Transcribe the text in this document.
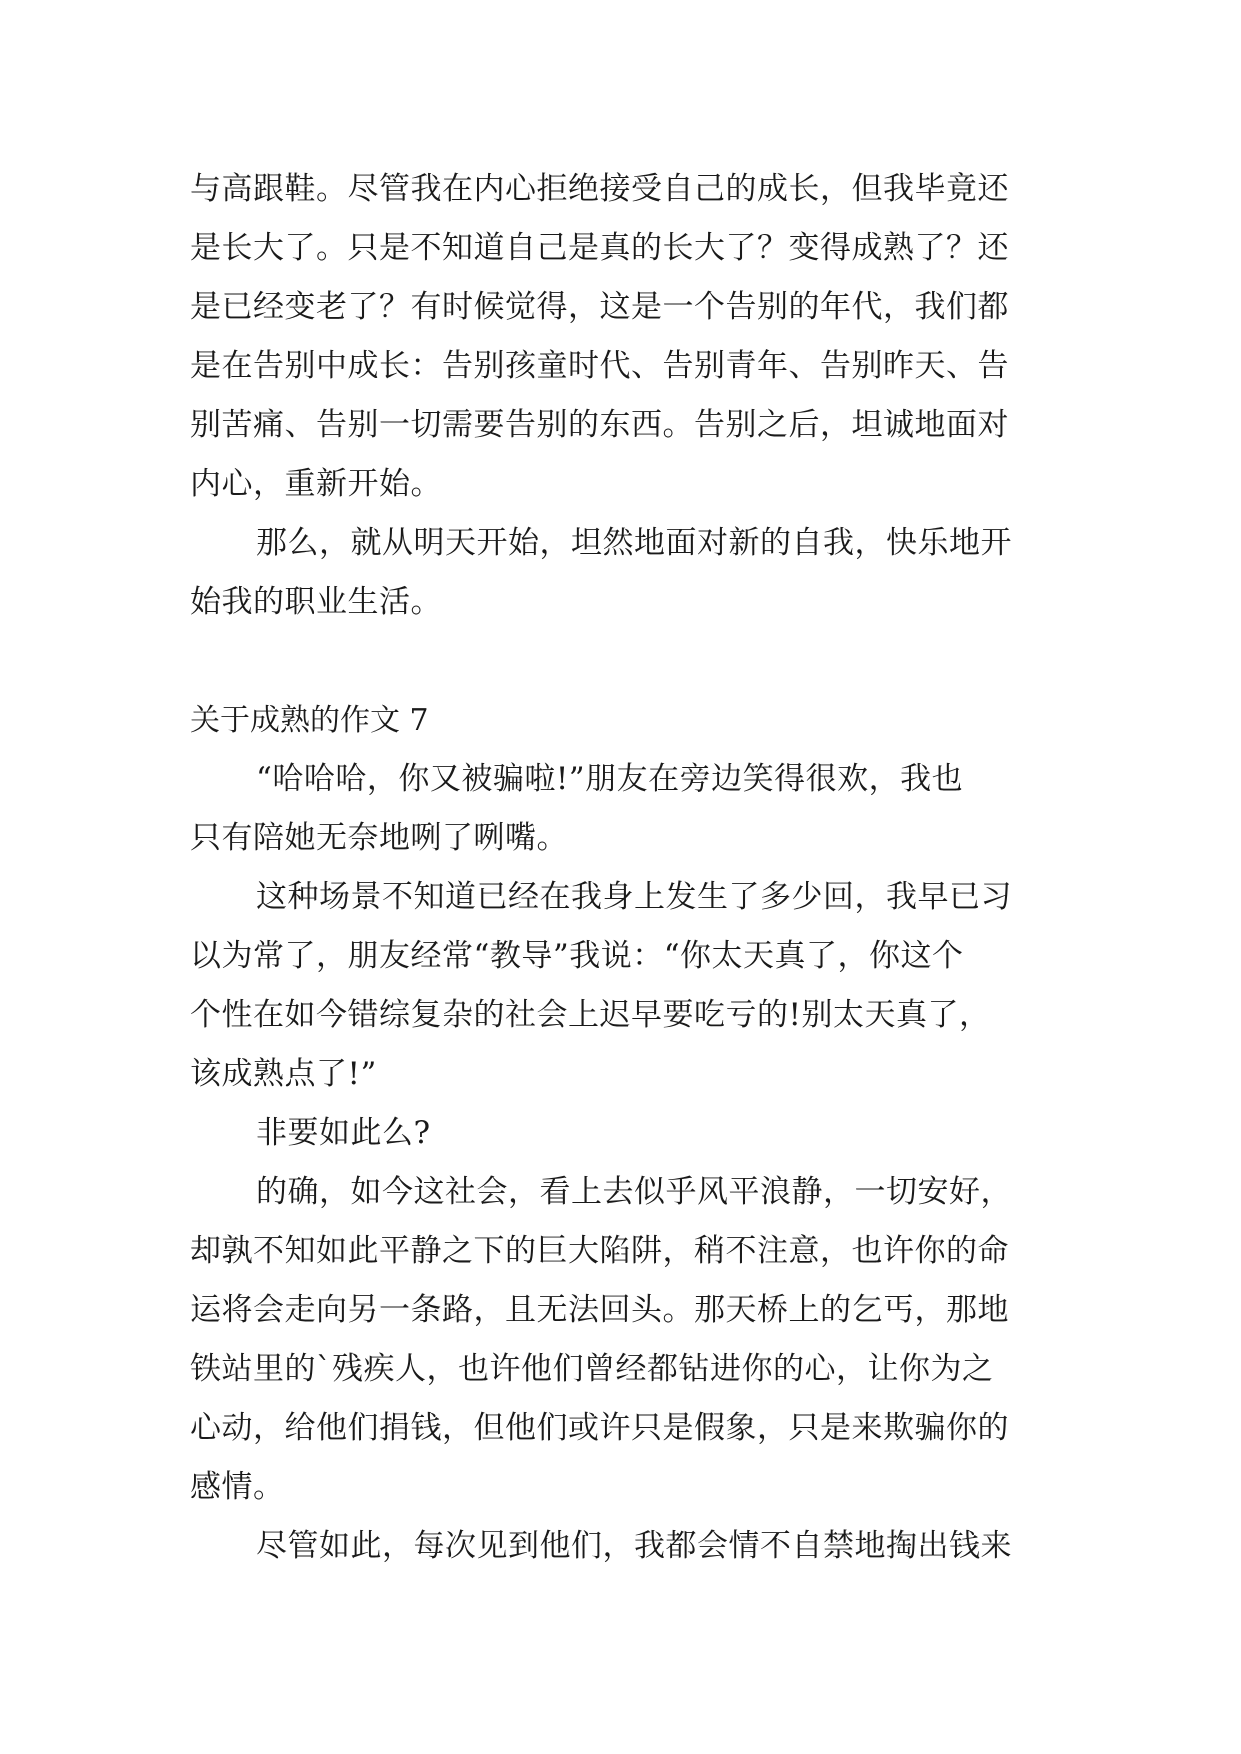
与高跟鞋。尽管我在内心拒绝接受自己的成长，但我毕竟还
是长大了。只是不知道自己是真的长大了？变得成熟了？还
是已经变老了？有时候觉得，这是一个告别的年代，我们都
是在告别中成长：告别孩童时代、告别青年、告别昨天、告
别苦痛、告别一切需要告别的东西。告别之后，坦诚地面对
内心，重新开始。
那么，就从明天开始，坦然地面对新的自我，快乐地开
始我的职业生活。
关于成熟的作文 7
“哈哈哈，你又被骗啦!”朋友在旁边笑得很欢，我也
只有陪她无奈地咧了咧嘴。
这种场景不知道已经在我身上发生了多少回，我早已习
以为常了，朋友经常“教导”我说：“你太天真了，你这个
个性在如今错综复杂的社会上迟早要吃亏的!别太天真了，
该成熟点了!”
非要如此么?
的确，如今这社会，看上去似乎风平浪静，一切安好，
却孰不知如此平静之下的巨大陷阱，稍不注意，也许你的命
运将会走向另一条路，且无法回头。那天桥上的乞丐，那地
铁站里的`残疾人，也许他们曾经都钻进你的心，让你为之
心动，给他们捐钱，但他们或许只是假象，只是来欺骗你的
感情。
尽管如此，每次见到他们，我都会情不自禁地掏出钱来
